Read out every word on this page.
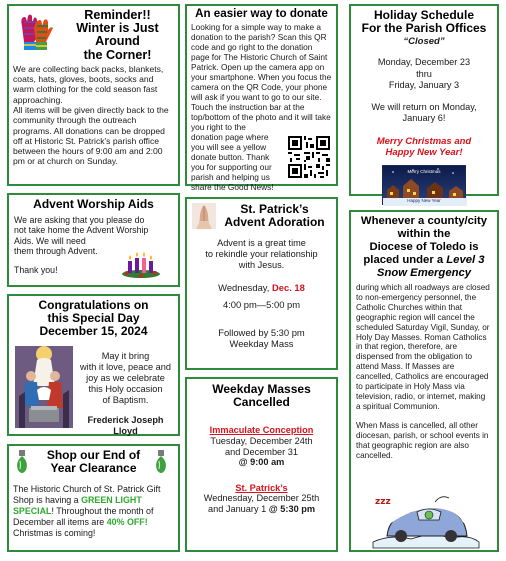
Reminder!!
Winter is Just
Around
the Corner!

We are collecting back packs, blankets, coats, hats, gloves, boots, socks and warm clothing for the cold season fast approaching.

All items will be given directly back to the community through the outreach programs. All donations can be dropped off at Historic St. Patrick's parish office between the hours of 9:00 am and 2:00 pm or at church on Sunday.

An easier way to donate

Looking for a simple way to make a donation to the parish? Scan this QR code and go right to the donation page for The Historic Church of Saint Patrick. Open up the camera app on your smartphone. When you focus the camera on the QR Code, your phone will ask if you want to go to our site. Touch the instruction bar at the top/bottom of the photo and it will take you right to the

donation page where you will see a yellow donate button. Thank you for supporting our parish and helping us share the Good News!

Holiday Schedule
For the Parish Offices
“Closed”
Monday, December 23
thru
Friday, January 3
We will return on Monday,
January 6!
Merry Christmas and
Happy New Year!
Merry Christmas
Happy New Year
Advent Worship Aids
We are asking that you please do
not take home the Advent Worship
Aids. We will need
them through Advent.
Thank you!
St. Patrick’s
Advent Adoration
Advent is a great time
to rekindle your relationship
with Jesus.
Wednesday, Dec. 18
4:00 pm—5:00 pm
Followed by 5:30 pm
Weekday Mass
Whenever a county/city
within the
Diocese of Toledo is
placed under a Level 3
Snow Emergency

during which all roadways are closed to non-emergency personnel, the Catholic Churches within that geographic region will cancel the scheduled Saturday Vigil, Sunday, or Holy Day Masses. Roman Catholics in that region, therefore, are dispensed from the obligation to attend Mass. If Masses are cancelled, Catholics are encouraged to participate in Holy Mass via television, radio, or internet, making a spiritual Communion.

When Mass is cancelled, all other diocesan, parish, or school events in that geographic region are also cancelled.

zzz
Congratulations on
this Special Day
December 15, 2024
May it bring
with it love, peace and
joy as we celebrate
this Holy occasion
of Baptism.
Frederick Joseph
Lloyd
Weekday Masses
Cancelled
Immaculate Conception
Tuesday, December 24th
and December 31
@ 9:00 am
St. Patrick’s
Wednesday, December 25th
and January 1 @ 5:30 pm
Shop our End of
Year Clearance

The Historic Church of St. Patrick Gift Shop is having a GREEN LIGHT SPECIAL! Throughout the month of December all items are 40% OFF! Christmas is coming!
